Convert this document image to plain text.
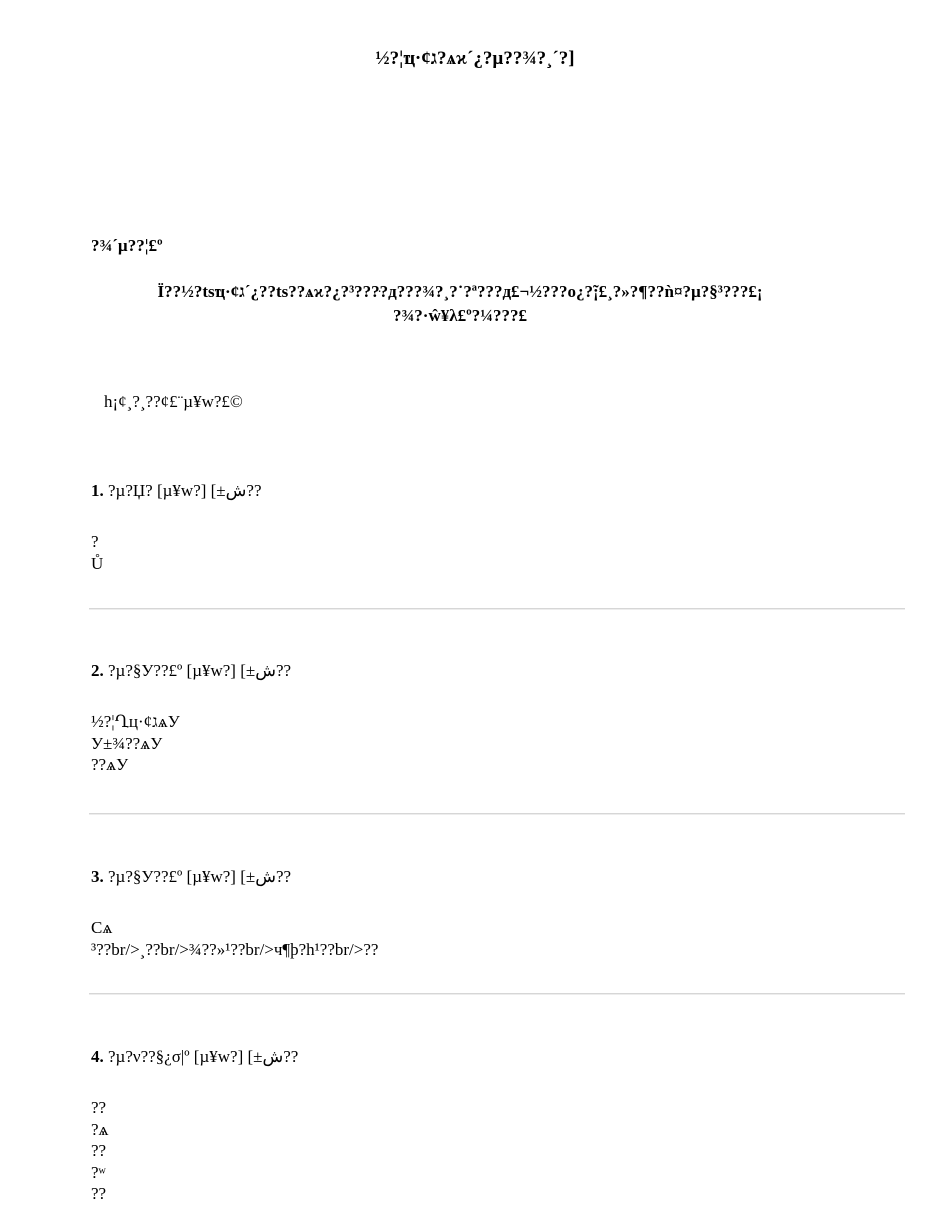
½?¦ҵ·¢ג?ѧϰ´¿?µ??¾?¸´?]
?¾´µ??¦£º
Ï??½?tsҵ·¢ג´¿??ts??ѧϰ?¿?³???ּ?д???¾?¸?˙?ª???д£¬½???o¿?̃¡£¸?»?¶??ǹ¤?µ?§³???£¡
?¾?·ŵ¥λ£º?¼???£
h¡¢¸?¸??¢£¨µ¥w?£©
1. ?µ?Џ? [µ¥w?] [±ش??
?
Ů
2. ?µ?§У??£º [µ¥w?] [±ش??
½?¦Ղц·¢גѧУ
У±¾??ѧУ
??ѧУ
3. ?µ?§У??£º [µ¥w?] [±ش??
Cѧ
³??br/>¸??br/>¾??»¹??br/>ч¶þ?h¹??br/>??
4. ?µ?ν??§¿σ|º [µ¥w?] [±ش??
??
?ѧ
??
?ʷ
??
